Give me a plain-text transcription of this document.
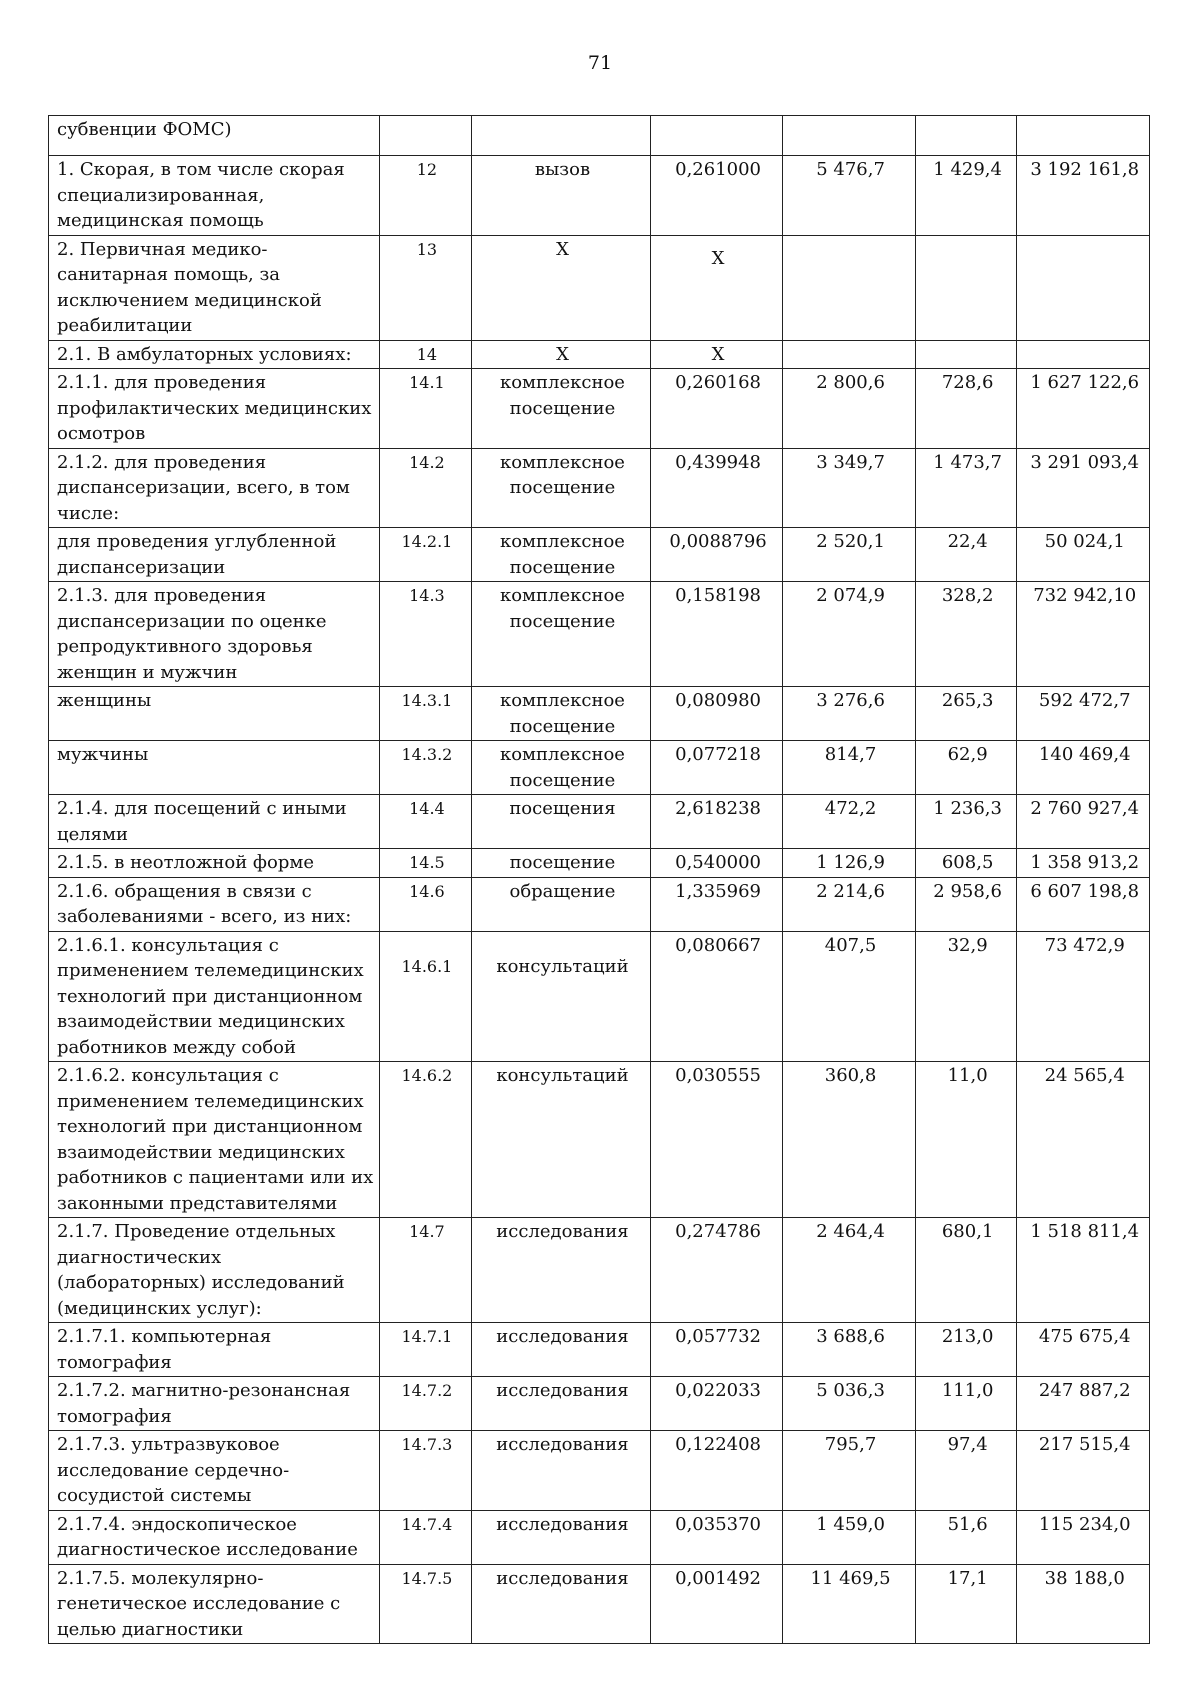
71
субвенции ФОМС)						
1. Скорая, в том числе скорая специализированная, медицинская помощь	12	вызов	0,261000	5 476,7	1 429,4	3 192 161,8
2. Первичная медико-санитарная помощь, за исключением медицинской реабилитации	13	Х	Х			
2.1. В амбулаторных условиях:	14	Х	Х			
2.1.1. для проведения профилактических медицинских осмотров	14.1	комплексное посещение	0,260168	2 800,6	728,6	1 627 122,6
2.1.2. для проведения диспансеризации, всего, в том числе:	14.2	комплексное посещение	0,439948	3 349,7	1 473,7	3 291 093,4
для проведения углубленной диспансеризации	14.2.1	комплексное посещение	0,0088796	2 520,1	22,4	50 024,1
2.1.3. для проведения диспансеризации по оценке репродуктивного здоровья женщин и мужчин	14.3	комплексное посещение	0,158198	2 074,9	328,2	732 942,10
женщины	14.3.1	комплексное посещение	0,080980	3 276,6	265,3	592 472,7
мужчины	14.3.2	комплексное посещение	0,077218	814,7	62,9	140 469,4
2.1.4. для посещений с иными целями	14.4	посещения	2,618238	472,2	1 236,3	2 760 927,4
2.1.5. в неотложной форме	14.5	посещение	0,540000	1 126,9	608,5	1 358 913,2
2.1.6. обращения в связи с заболеваниями - всего, из них:	14.6	обращение	1,335969	2 214,6	2 958,6	6 607 198,8
2.1.6.1. консультация с применением телемедицинских технологий при дистанционном взаимодействии медицинских работников между собой	14.6.1	консультаций	0,080667	407,5	32,9	73 472,9
2.1.6.2. консультация с применением телемедицинских технологий при дистанционном взаимодействии медицинских работников с пациентами или их законными представителями	14.6.2	консультаций	0,030555	360,8	11,0	24 565,4
2.1.7. Проведение отдельных диагностических (лабораторных) исследований (медицинских услуг):	14.7	исследования	0,274786	2 464,4	680,1	1 518 811,4
2.1.7.1. компьютерная томография	14.7.1	исследования	0,057732	3 688,6	213,0	475 675,4
2.1.7.2. магнитно-резонансная томография	14.7.2	исследования	0,022033	5 036,3	111,0	247 887,2
2.1.7.3. ультразвуковое исследование сердечно-сосудистой системы	14.7.3	исследования	0,122408	795,7	97,4	217 515,4
2.1.7.4. эндоскопическое диагностическое исследование	14.7.4	исследования	0,035370	1 459,0	51,6	115 234,0
2.1.7.5. молекулярно-генетическое исследование с целью диагностики	14.7.5	исследования	0,001492	11 469,5	17,1	38 188,0
